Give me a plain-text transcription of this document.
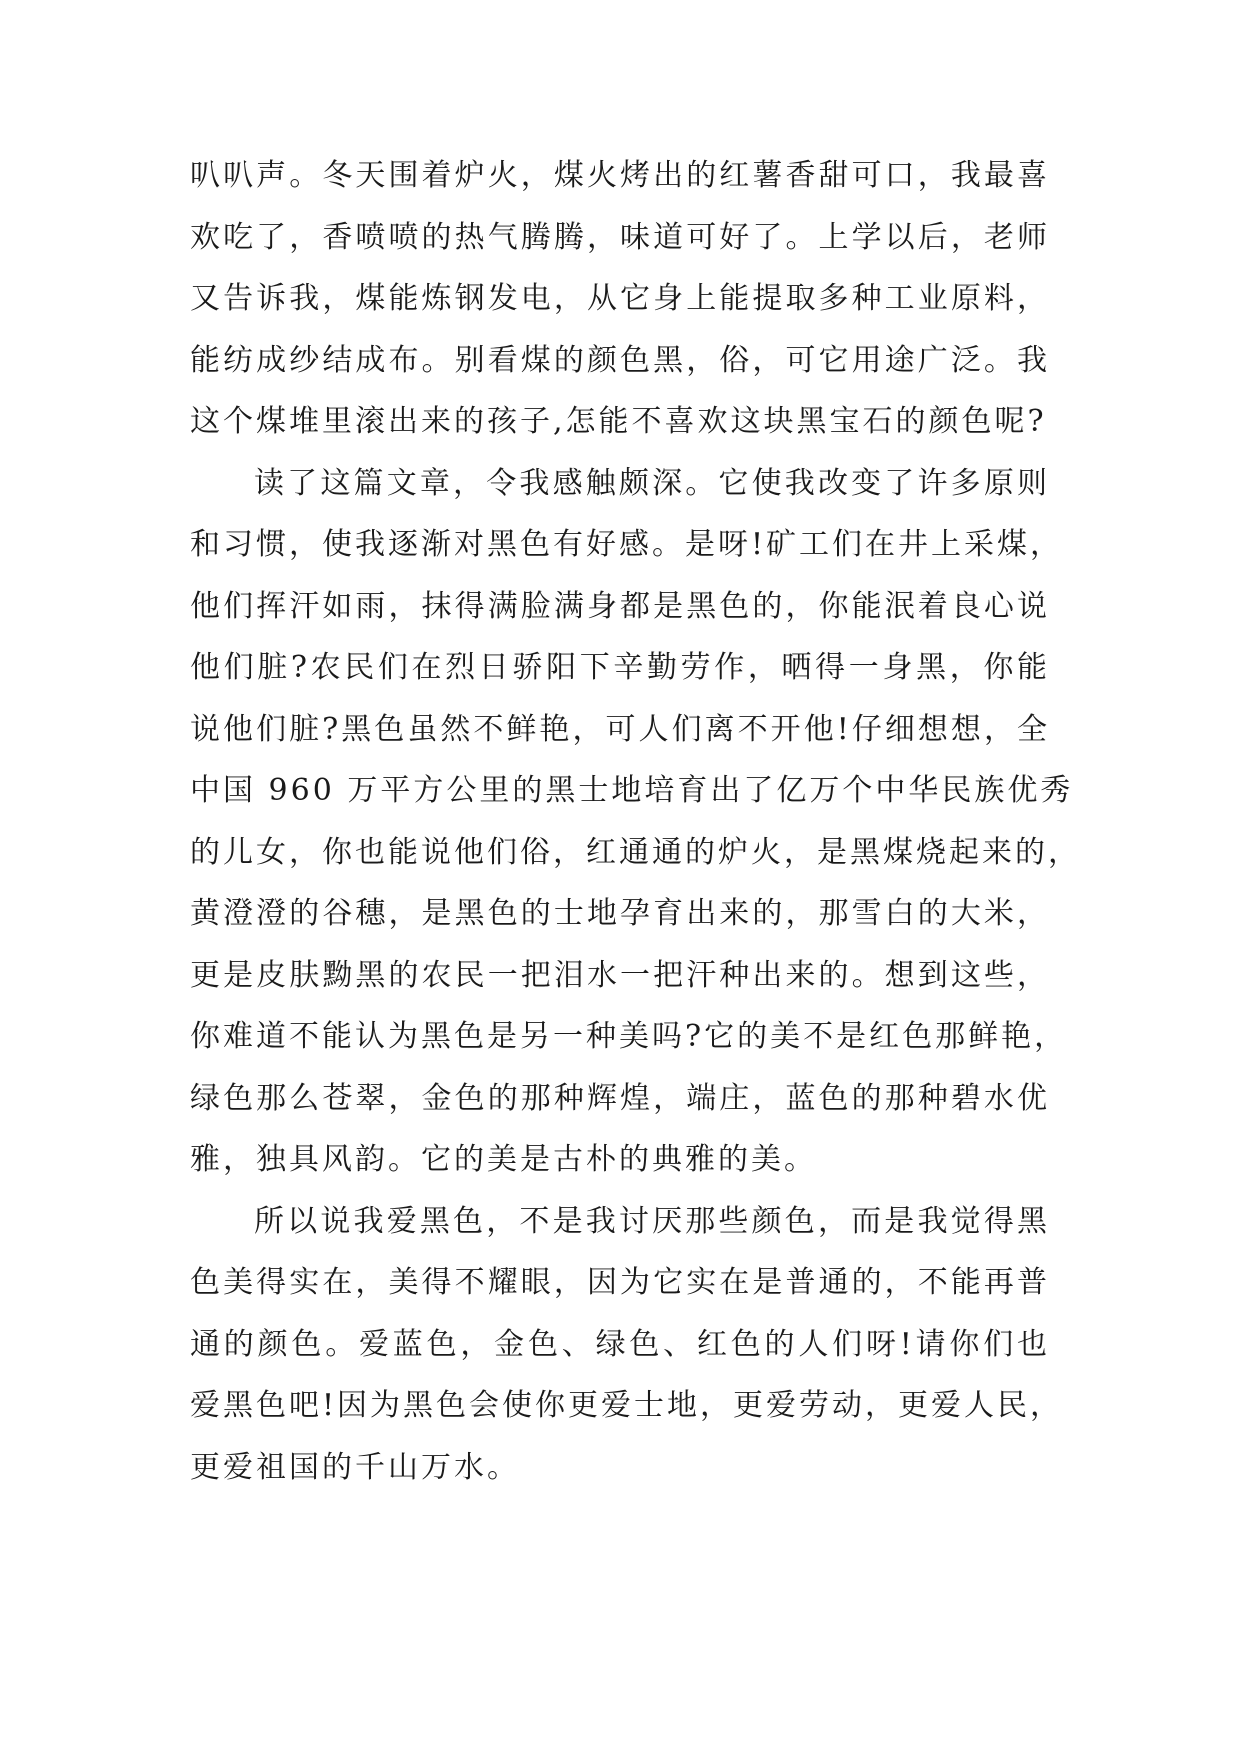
叭叭声。冬天围着炉火，煤火烤出的红薯香甜可口，我最喜
欢吃了，香喷喷的热气腾腾，味道可好了。上学以后，老师
又告诉我，煤能炼钢发电，从它身上能提取多种工业原料，
能纺成纱结成布。别看煤的颜色黑，俗，可它用途广泛。我
这个煤堆里滚出来的孩子,怎能不喜欢这块黑宝石的颜色呢?
读了这篇文章，令我感触颇深。它使我改变了许多原则
和习惯，使我逐渐对黑色有好感。是呀!矿工们在井上采煤，
他们挥汗如雨，抹得满脸满身都是黑色的，你能泯着良心说
他们脏?农民们在烈日骄阳下辛勤劳作，晒得一身黑，你能
说他们脏?黑色虽然不鲜艳，可人们离不开他!仔细想想，全
中国 960 万平方公里的黑士地培育出了亿万个中华民族优秀
的儿女，你也能说他们俗，红通通的炉火，是黑煤烧起来的，
黄澄澄的谷穗，是黑色的士地孕育出来的，那雪白的大米，
更是皮肤黝黑的农民一把泪水一把汗种出来的。想到这些，
你难道不能认为黑色是另一种美吗?它的美不是红色那鲜艳，
绿色那么苍翠，金色的那种辉煌，端庄，蓝色的那种碧水优
雅，独具风韵。它的美是古朴的典雅的美。
所以说我爱黑色，不是我讨厌那些颜色，而是我觉得黑
色美得实在，美得不耀眼，因为它实在是普通的，不能再普
通的颜色。爱蓝色，金色、绿色、红色的人们呀!请你们也
爱黑色吧!因为黑色会使你更爱士地，更爱劳动，更爱人民，
更爱祖国的千山万水。
